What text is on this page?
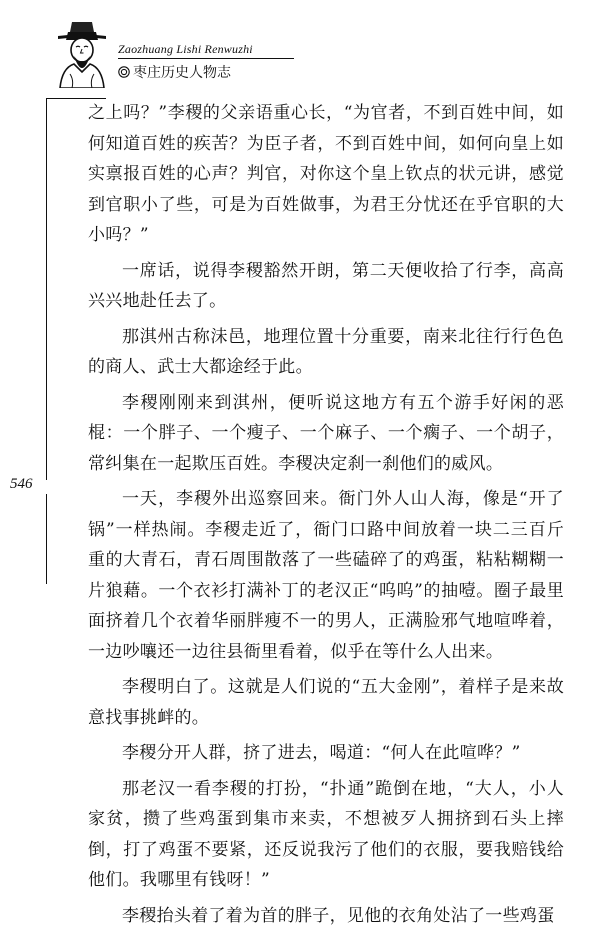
Zaozhuang Lishi Renwuzhi
枣庄历史人物志
546

之上吗？”李稷的父亲语重心长，“为官者，不到百姓中间，如何知道百姓的疾苦？为臣子者，不到百姓中间，如何向皇上如实禀报百姓的心声？判官，对你这个皇上钦点的状元讲，感觉到官职小了些，可是为百姓做事，为君王分忧还在乎官职的大小吗？”

一席话，说得李稷豁然开朗，第二天便收拾了行李，高高兴兴地赴任去了。

那淇州古称沬邑，地理位置十分重要，南来北往行行色色的商人、武士大都途经于此。

李稷刚刚来到淇州，便听说这地方有五个游手好闲的恶棍：一个胖子、一个瘦子、一个麻子、一个瘸子、一个胡子，常纠集在一起欺压百姓。李稷决定刹一刹他们的威风。

一天，李稷外出巡察回来。衙门外人山人海，像是“开了锅”一样热闹。李稷走近了，衙门口路中间放着一块二三百斤重的大青石，青石周围散落了一些磕碎了的鸡蛋，粘粘糊糊一片狼藉。一个衣衫打满补丁的老汉正“呜呜”的抽噎。圈子最里面挤着几个衣着华丽胖瘦不一的男人，正满脸邪气地喧哗着，一边吵嚷还一边往县衙里看着，似乎在等什么人出来。

李稷明白了。这就是人们说的“五大金刚”，着样子是来故意找事挑衅的。

李稷分开人群，挤了进去，喝道：“何人在此喧哗？”

那老汉一看李稷的打扮，“扑通”跪倒在地，“大人，小人家贫，攒了些鸡蛋到集市来卖，不想被歹人拥挤到石头上摔倒，打了鸡蛋不要紧，还反说我污了他们的衣服，要我赔钱给他们。我哪里有钱呀！”

李稷抬头着了着为首的胖子，见他的衣角处沾了一些鸡蛋
